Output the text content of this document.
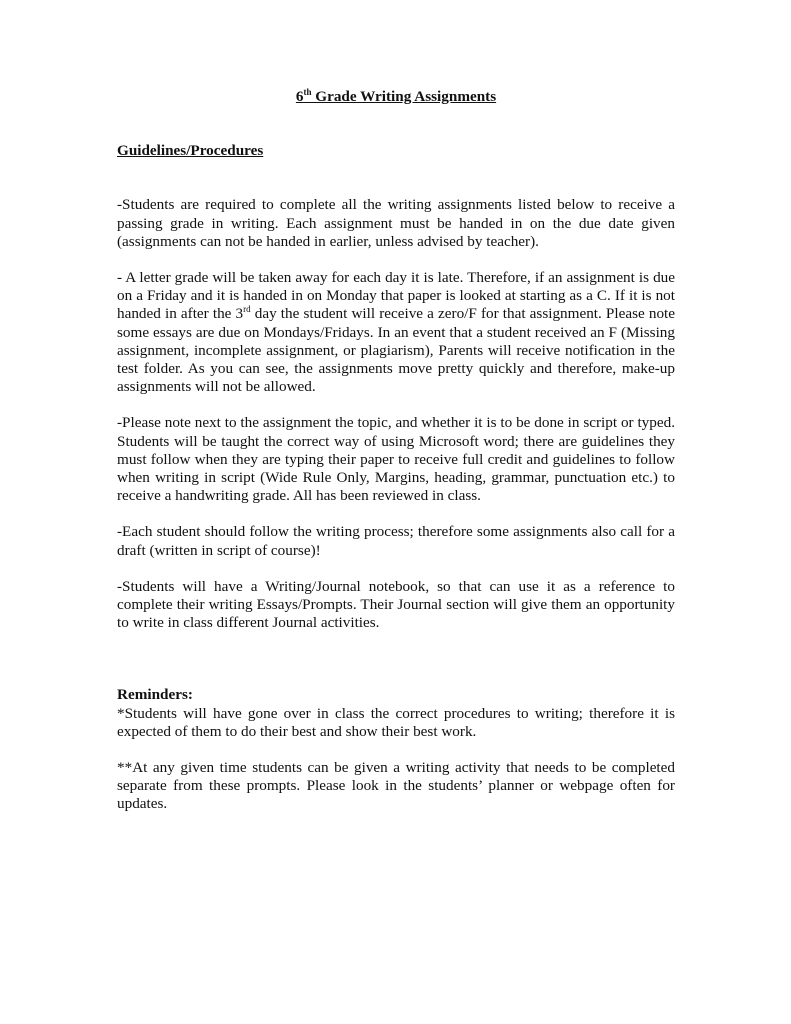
6th Grade Writing Assignments

Guidelines/Procedures

-Students are required to complete all the writing assignments listed below to receive a passing grade in writing. Each assignment must be handed in on the due date given (assignments can not be handed in earlier, unless advised by teacher).

- A letter grade will be taken away for each day it is late. Therefore, if an assignment is due on a Friday and it is handed in on Monday that paper is looked at starting as a C. If it is not handed in after the 3rd day the student will receive a zero/F for that assignment. Please note some essays are due on Mondays/Fridays. In an event that a student received an F (Missing assignment, incomplete assignment, or plagiarism), Parents will receive notification in the test folder. As you can see, the assignments move pretty quickly and therefore, make-up assignments will not be allowed.

-Please note next to the assignment the topic, and whether it is to be done in script or typed. Students will be taught the correct way of using Microsoft word; there are guidelines they must follow when they are typing their paper to receive full credit and guidelines to follow when writing in script (Wide Rule Only, Margins, heading, grammar, punctuation etc.) to receive a handwriting grade. All has been reviewed in class.

-Each student should follow the writing process; therefore some assignments also call for a draft (written in script of course)!

-Students will have a Writing/Journal notebook, so that can use it as a reference to complete their writing Essays/Prompts. Their Journal section will give them an opportunity to write in class different Journal activities.

Reminders:

*Students will have gone over in class the correct procedures to writing; therefore it is expected of them to do their best and show their best work.

**At any given time students can be given a writing activity that needs to be completed separate from these prompts. Please look in the students’ planner or webpage often for updates.
